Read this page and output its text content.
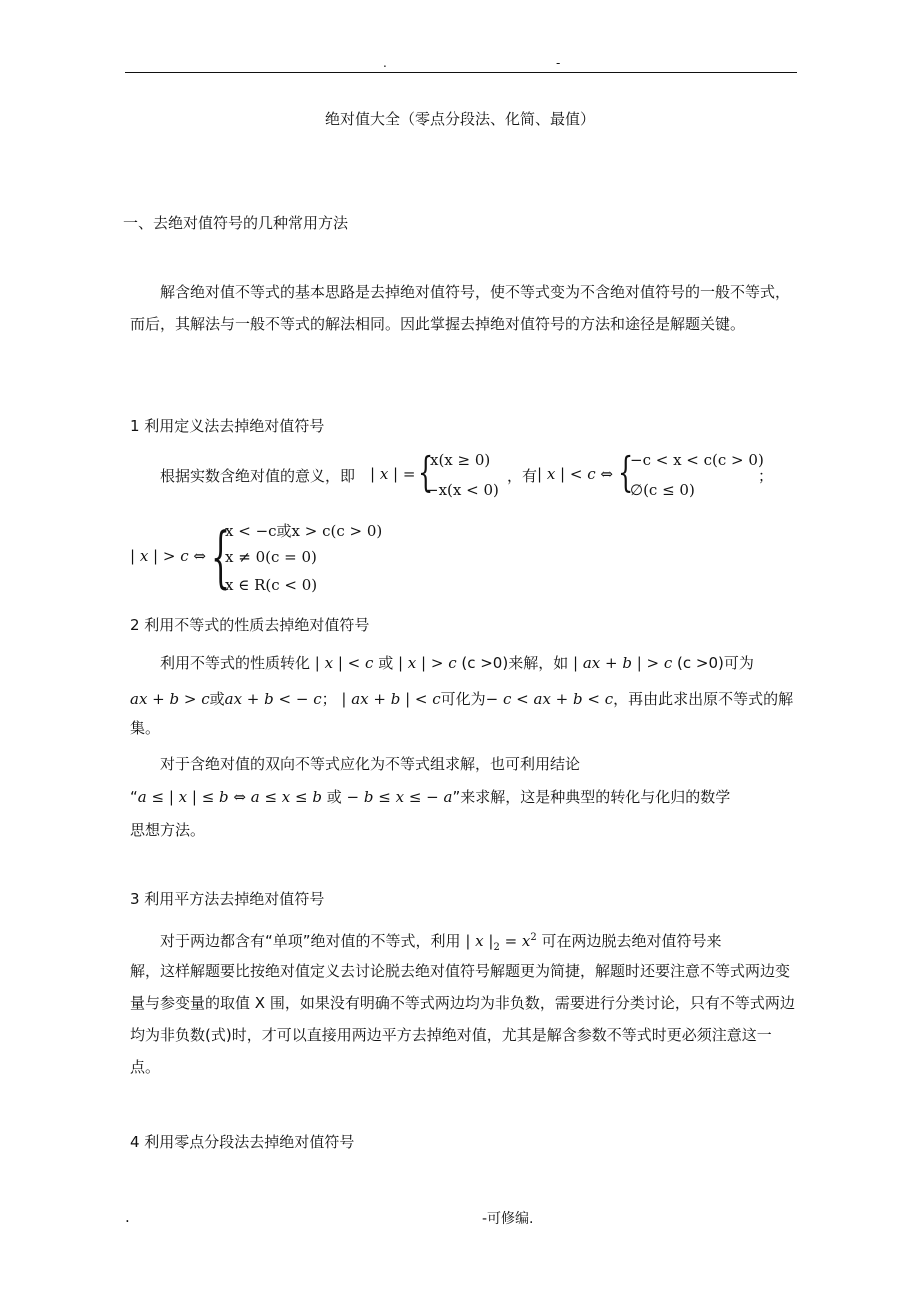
.	-
绝对值大全（零点分段法、化简、最值）
一、去绝对值符号的几种常用方法
解含绝对值不等式的基本思路是去掉绝对值符号，使不等式变为不含绝对值符号的一般不等式，而后，其解法与一般不等式的解法相同。因此掌握去掉绝对值符号的方法和途径是解题关键。
1 利用定义法去掉绝对值符号
根据实数含绝对值的意义，即 | x | = {
x(x ≥ 0)
−x(x < 0)
，有 | x | < c ⇔ {
−c < x < c(c > 0)
∅(c ≤ 0)
；
| x | > c ⇔ {
x < −c或x > c(c > 0)
x ≠ 0(c = 0)
x ∈ R(c < 0)
2 利用不等式的性质去掉绝对值符号
利用不等式的性质转化 | x | < c 或 | x | > c (c >0)来解，如 | ax + b | > c (c >0)可为
ax + b > c或ax + b < − c； | ax + b | < c可化为− c < ax + b < c，再由此求出原不等式的解
集。
对于含绝对值的双向不等式应化为不等式组求解，也可利用结论
“a ≤ | x | ≤ b ⇔ a ≤ x ≤ b 或 − b ≤ x ≤ − a”来求解，这是种典型的转化与化归的数学
思想方法。
3 利用平方法去掉绝对值符号
对于两边都含有“单项”绝对值的不等式，利用 | x $|_2 = x^2$ 可在两边脱去绝对值符号来
解，这样解题要比按绝对值定义去讨论脱去绝对值符号解题更为简捷，解题时还要注意不等式两边变量与参变量的取值 X 围，如果没有明确不等式两边均为非负数，需要进行分类讨论，只有不等式两边均为非负数(式)时，才可以直接用两边平方去掉绝对值，尤其是解含参数不等式时更必须注意这一点。
4 利用零点分段法去掉绝对值符号
.	-可修编.
